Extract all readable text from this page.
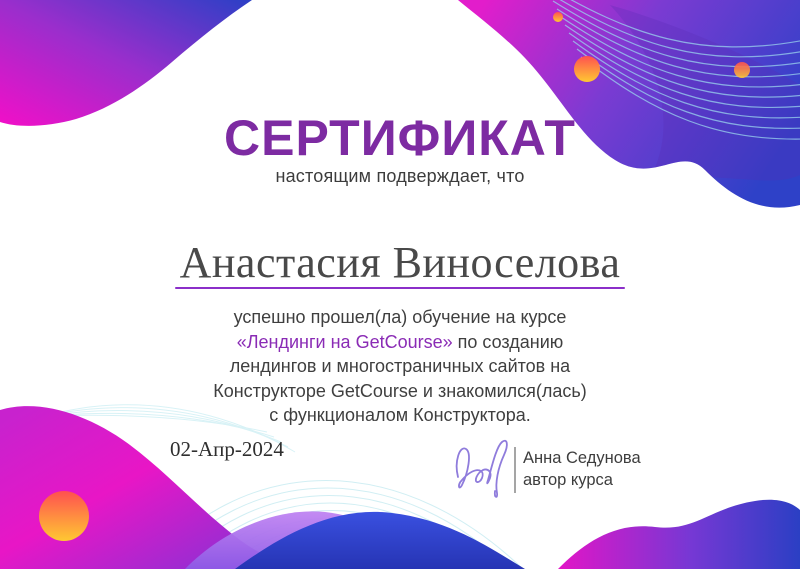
СЕРТИФИКАТ
настоящим подверждает, что
Анастасия Виноселова

успешно прошел(ла) обучение на курсе
«Лендинги на GetCourse» по созданию
лендингов и многостраничных сайтов на
Конструкторе GetCourse и знакомился(лась)
с функционалом Конструктора.

02-Апр-2024	Анна Седунова
автор курса
